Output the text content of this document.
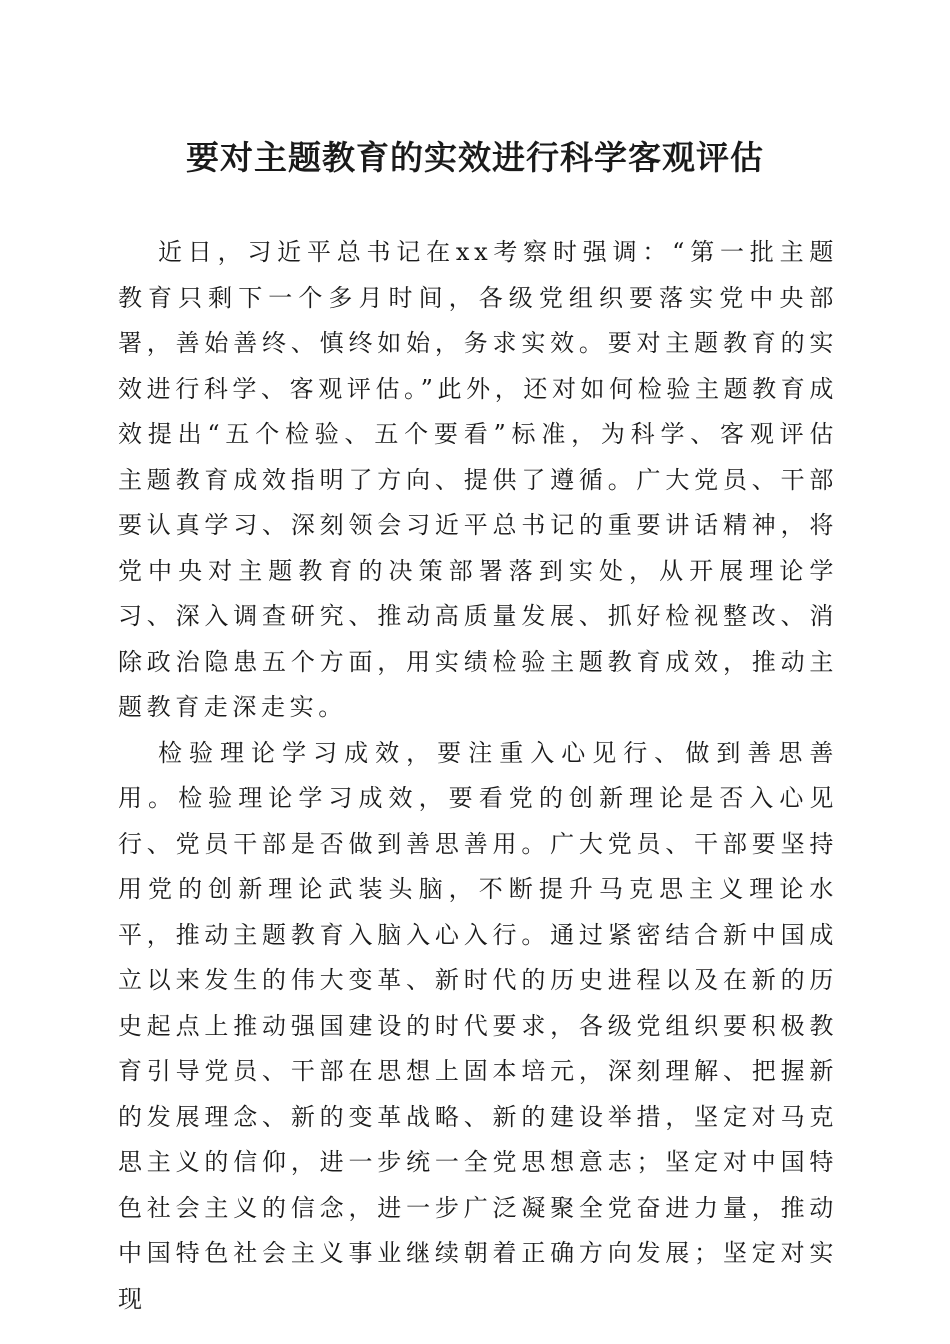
要对主题教育的实效进行科学客观评估

近日，习近平总书记在xx考察时强调：“第一批主题教育只剩下一个多月时间，各级党组织要落实党中央部署，善始善终、慎终如始，务求实效。要对主题教育的实效进行科学、客观评估。”此外，还对如何检验主题教育成效提出“五个检验、五个要看”标准，为科学、客观评估主题教育成效指明了方向、提供了遵循。广大党员、干部要认真学习、深刻领会习近平总书记的重要讲话精神，将党中央对主题教育的决策部署落到实处，从开展理论学习、深入调查研究、推动高质量发展、抓好检视整改、消除政治隐患五个方面，用实绩检验主题教育成效，推动主题教育走深走实。

检验理论学习成效，要注重入心见行、做到善思善用。检验理论学习成效，要看党的创新理论是否入心见行、党员干部是否做到善思善用。广大党员、干部要坚持用党的创新理论武装头脑，不断提升马克思主义理论水平，推动主题教育入脑入心入行。通过紧密结合新中国成立以来发生的伟大变革、新时代的历史进程以及在新的历史起点上推动强国建设的时代要求，各级党组织要积极教育引导党员、干部在思想上固本培元，深刻理解、把握新的发展理念、新的变革战略、新的建设举措，坚定对马克思主义的信仰，进一步统一全党思想意志；坚定对中国特色社会主义的信念，进一步广泛凝聚全党奋进力量，推动中国特色社会主义事业继续朝着正确方向发展；坚定对实现
